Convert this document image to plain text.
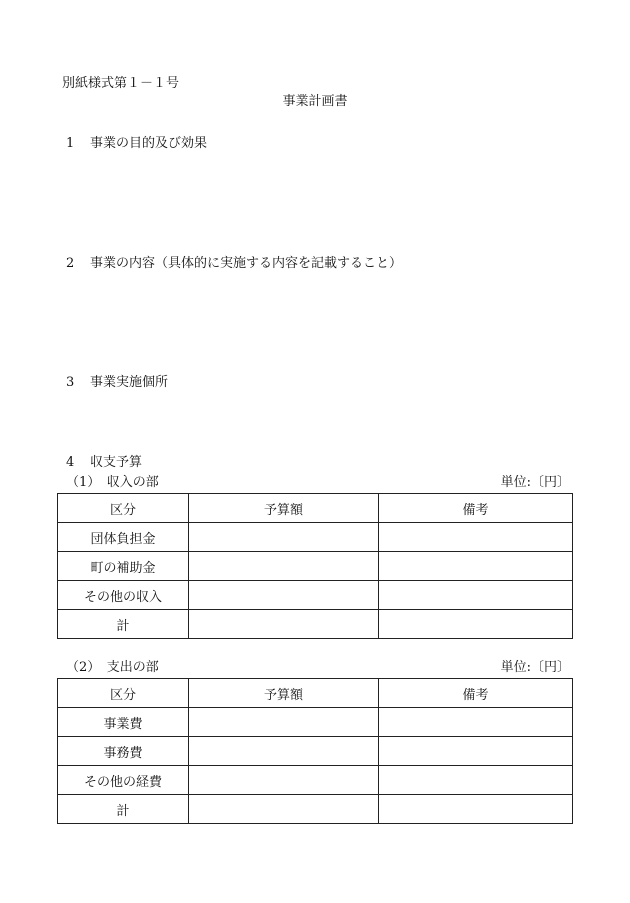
別紙様式第１－１号
事業計画書
1 事業の目的及び効果
2 事業の内容（具体的に実施する内容を記載すること）
3 事業実施個所
4 収支予算
（1）　収入の部	単位:〔円〕
区分	予算額	備考
団体負担金		
町の補助金		
その他の収入		
計		
（2）　支出の部	単位:〔円〕
区分	予算額	備考
事業費		
事務費		
その他の経費		
計		
